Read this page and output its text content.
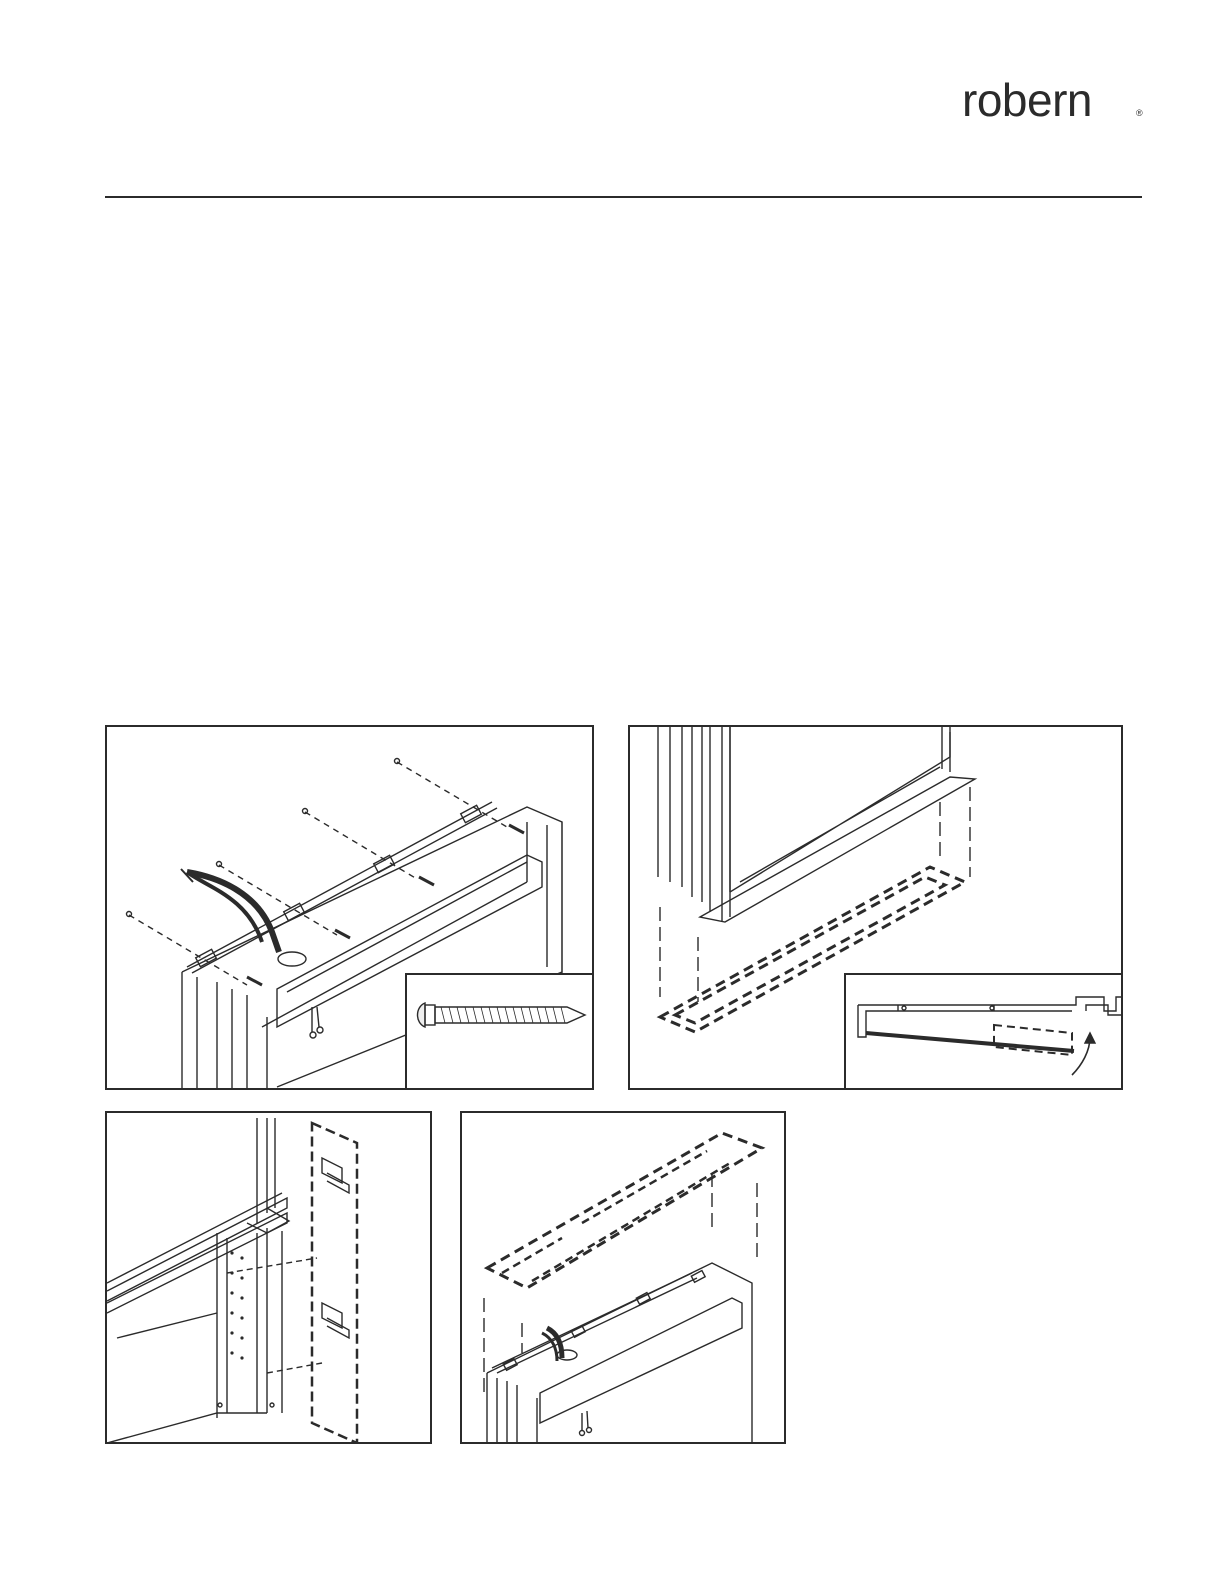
robern	®
